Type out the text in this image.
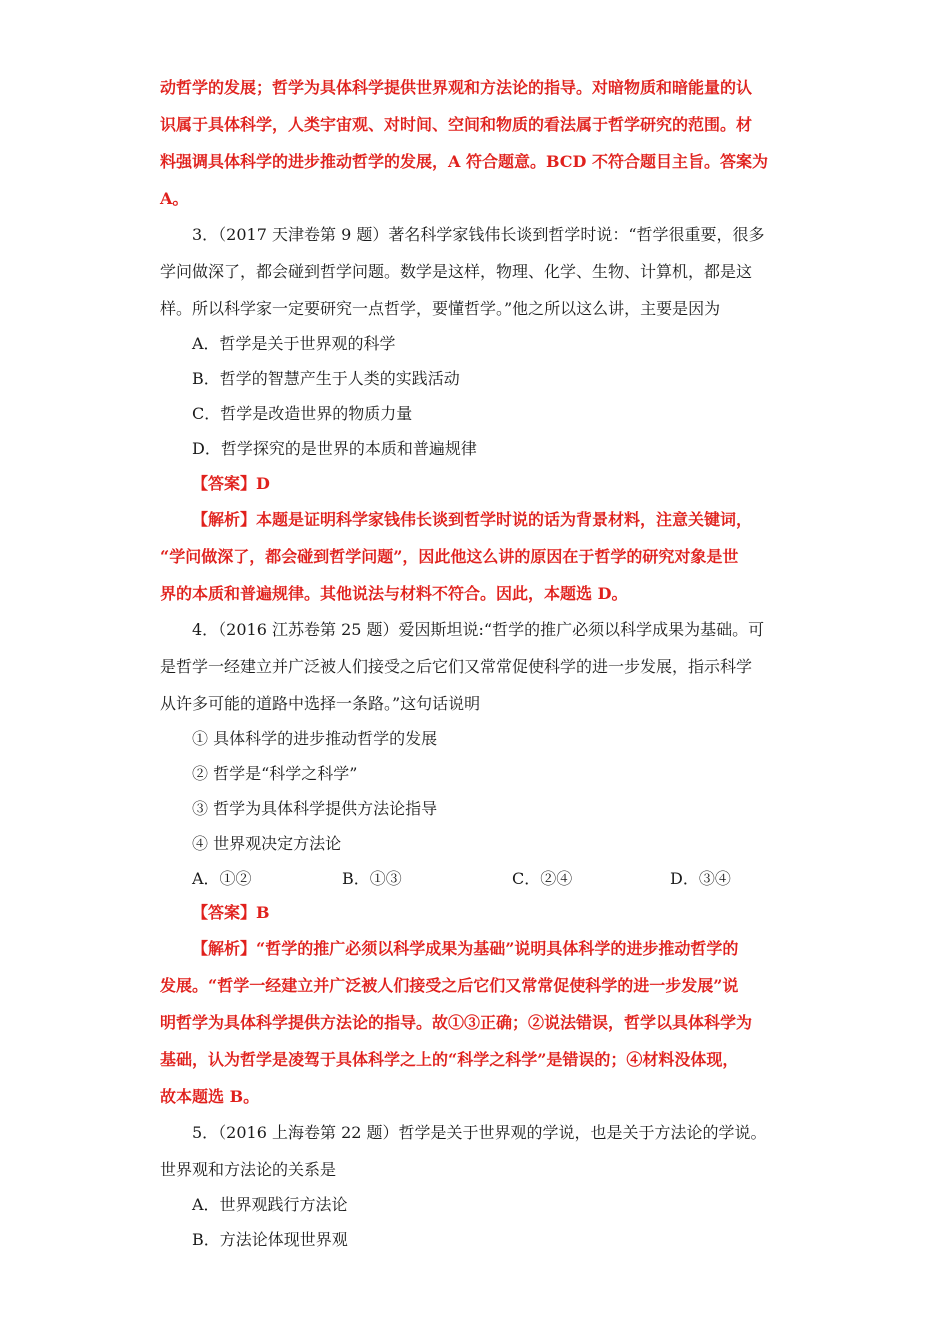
动哲学的发展；哲学为具体科学提供世界观和方法论的指导。对暗物质和暗能量的认
识属于具体科学，人类宇宙观、对时间、空间和物质的看法属于哲学研究的范围。材
料强调具体科学的进步推动哲学的发展，A 符合题意。BCD 不符合题目主旨。答案为
A。
3．（2017 天津卷第 9 题）著名科学家钱伟长谈到哲学时说：“哲学很重要，很多
学问做深了，都会碰到哲学问题。数学是这样，物理、化学、生物、计算机，都是这
样。所以科学家一定要研究一点哲学，要懂哲学。”他之所以这么讲，主要是因为
A．哲学是关于世界观的科学
B．哲学的智慧产生于人类的实践活动
C．哲学是改造世界的物质力量
D．哲学探究的是世界的本质和普遍规律
【答案】D
【解析】本题是证明科学家钱伟长谈到哲学时说的话为背景材料，注意关键词，
“学问做深了，都会碰到哲学问题”，因此他这么讲的原因在于哲学的研究对象是世
界的本质和普遍规律。其他说法与材料不符合。因此，本题选 D。
4．（2016 江苏卷第 25 题）爱因斯坦说:“哲学的推广必须以科学成果为基础。可
是哲学一经建立并广泛被人们接受之后它们又常常促使科学的进一步发展，指示科学
从许多可能的道路中选择一条路。”这句话说明
① 具体科学的进步推动哲学的发展
② 哲学是“科学之科学”
③ 哲学为具体科学提供方法论指导
④ 世界观决定方法论
A．①②	B．①③	C．②④	D．③④
【答案】B
【解析】“哲学的推广必须以科学成果为基础”说明具体科学的进步推动哲学的
发展。“哲学一经建立并广泛被人们接受之后它们又常常促使科学的进一步发展”说
明哲学为具体科学提供方法论的指导。故①③正确；②说法错误，哲学以具体科学为
基础，认为哲学是凌驾于具体科学之上的“科学之科学”是错误的；④材料没体现，
故本题选 B。
5．（2016 上海卷第 22 题）哲学是关于世界观的学说，也是关于方法论的学说。
世界观和方法论的关系是
A．世界观践行方法论
B．方法论体现世界观
